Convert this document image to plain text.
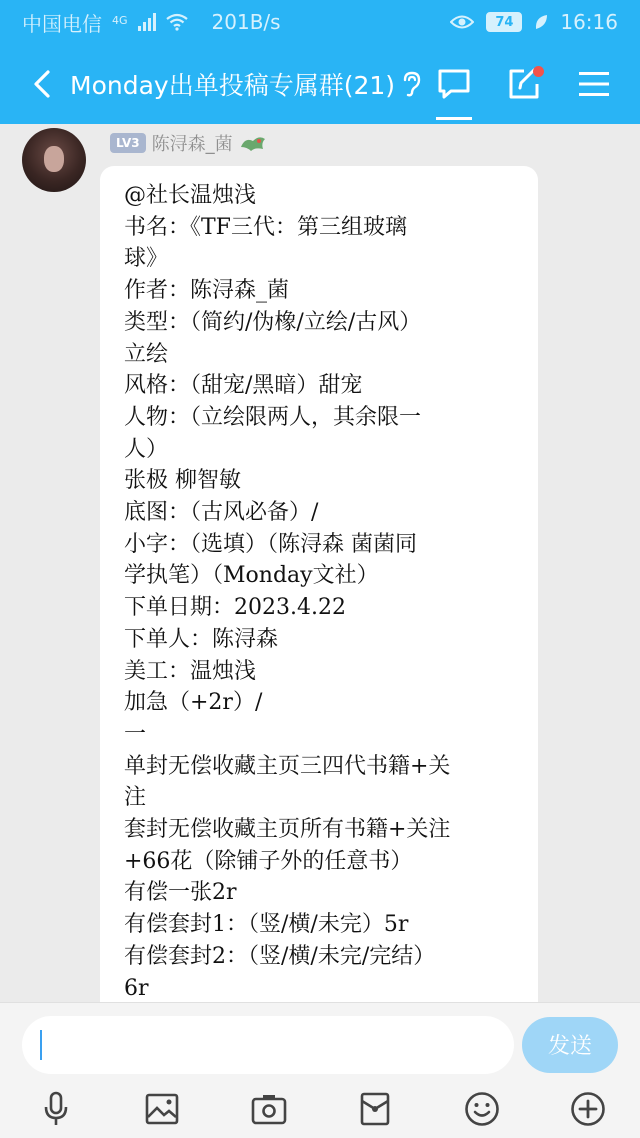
中国电信 4G	201B/s	74	16:16
Monday出单投稿专属群(21)
LV3 陈浔森_菌
@社长温烛浅
书名：《TF三代：第三组玻璃
球》
作者：陈浔森_菌
类型：（简约/伪橡/立绘/古风）
立绘
风格：（甜宠/黑暗）甜宠
人物：（立绘限两人，其余限一
人）
张极 柳智敏
底图：（古风必备）/
小字：（选填）（陈浔森 菌菌同
学执笔）（Monday文社）
下单日期：2023.4.22
下单人：陈浔森
美工：温烛浅
加急（+2r）/
一
单封无偿收藏主页三四代书籍+关
注
套封无偿收藏主页所有书籍+关注
+66花（除铺子外的任意书）
有偿一张2r
有偿套封1：（竖/横/未完）5r
有偿套封2：（竖/横/未完/完结）
6r
发送
